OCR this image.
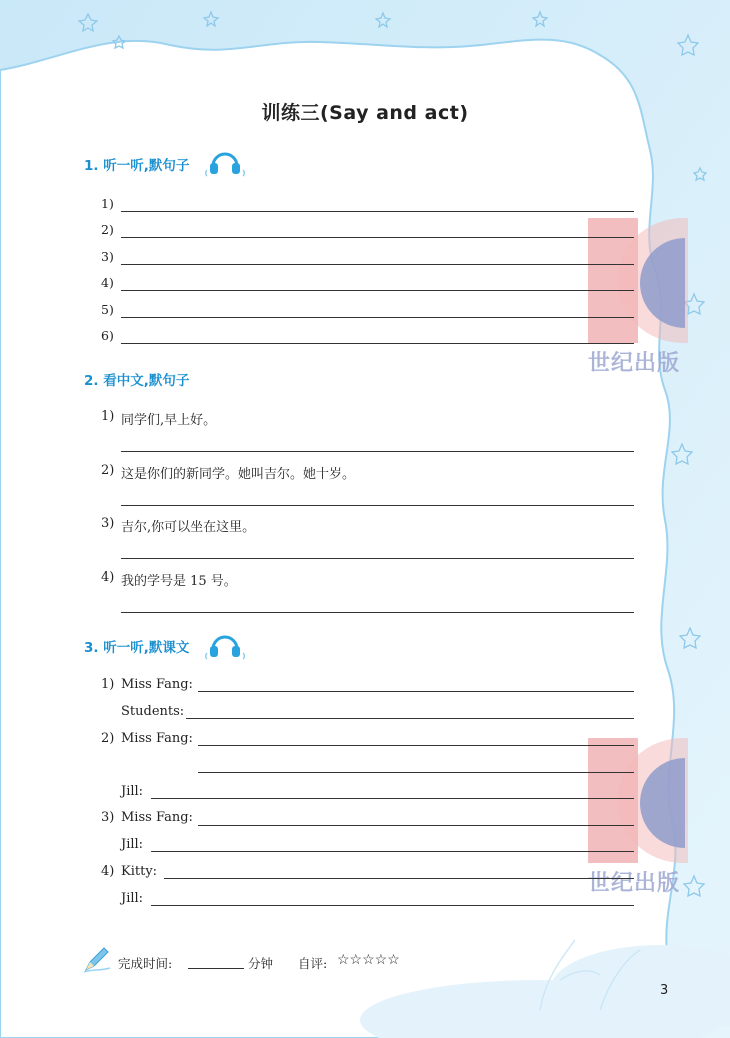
世纪出版
世纪出版
训练三(Say and act)
1. 听一听,默句子
1)
2)
3)
4)
5)
6)
2. 看中文,默句子
1) 同学们,早上好。
2) 这是你们的新同学。她叫吉尔。她十岁。
3) 吉尔,你可以坐在这里。
4) 我的学号是 15 号。
3. 听一听,默课文
1) Miss Fang:
Students:
2) Miss Fang:
Jill:
3) Miss Fang:
Jill:
4) Kitty:
Jill:
完成时间:	分钟 自评: ☆☆☆☆☆
3
